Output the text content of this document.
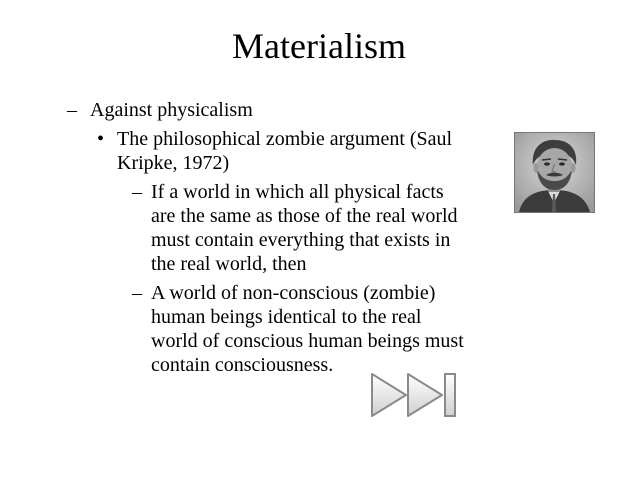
Materialism
– Against physicalism
• The philosophical zombie argument (Saul
Kripke, 1972)
– If a world in which all physical facts
are the same as those of the real world
must contain everything that exists in
the real world, then
– A world of non-conscious (zombie)
human beings identical to the real
world of conscious human beings must
contain consciousness.
